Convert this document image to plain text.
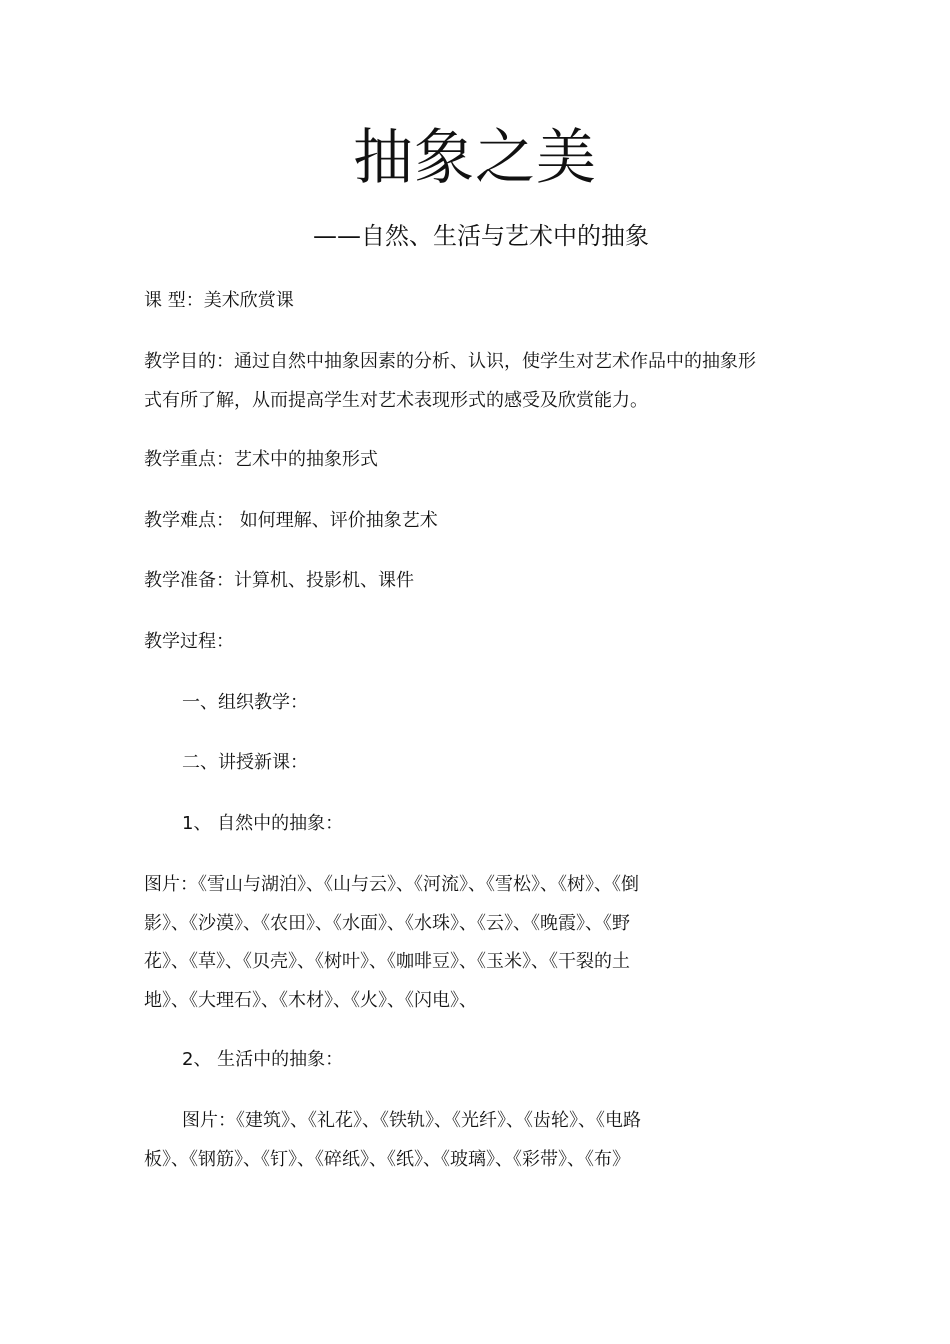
抽象之美
——自然、生活与艺术中的抽象
课 型：美术欣赏课
教学目的：通过自然中抽象因素的分析、认识，使学生对艺术作品中的抽象形
式有所了解，从而提高学生对艺术表现形式的感受及欣赏能力。
教学重点：艺术中的抽象形式
教学难点： 如何理解、评价抽象艺术
教学准备：计算机、投影机、课件
教学过程：
一、组织教学：
二、讲授新课：
1、 自然中的抽象：
图片：《雪山与湖泊》、《山与云》、《河流》、《雪松》、《树》、《倒
影》、《沙漠》、《农田》、《水面》、《水珠》、《云》、《晚霞》、《野
花》、《草》、《贝壳》、《树叶》、《咖啡豆》、《玉米》、《干裂的土
地》、《大理石》、《木材》、《火》、《闪电》、
2、 生活中的抽象：
图片：《建筑》、《礼花》、《铁轨》、《光纤》、《齿轮》、《电路
板》、《钢筋》、《钉》、《碎纸》、《纸》、《玻璃》、《彩带》、《布》
